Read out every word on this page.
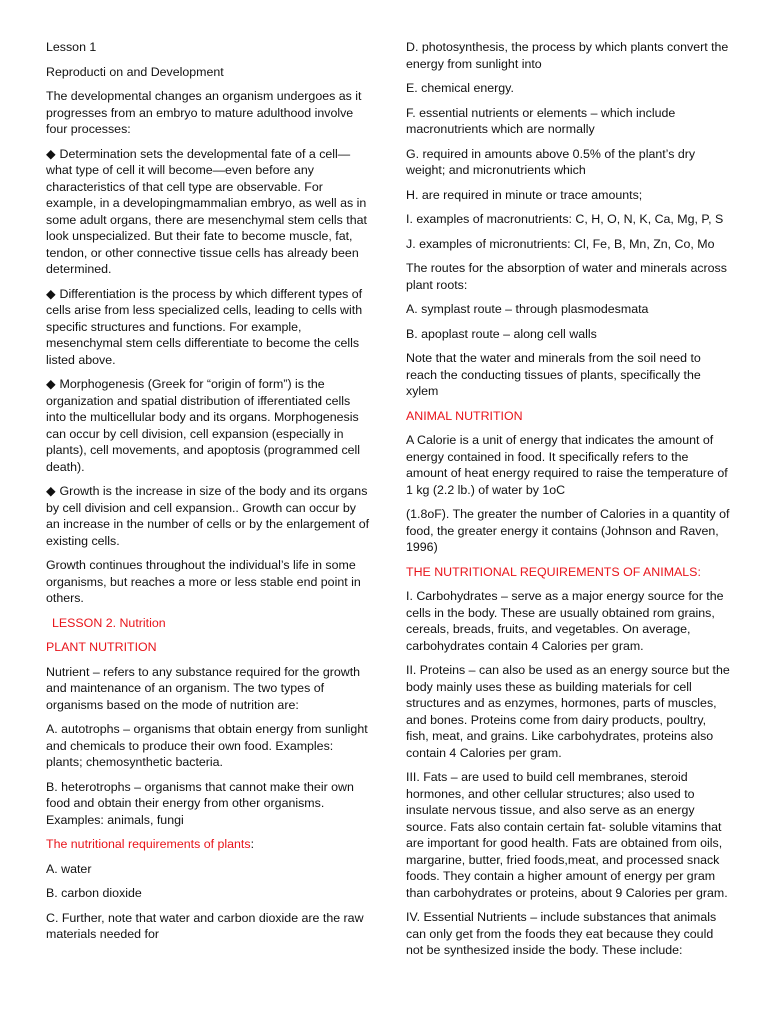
Lesson 1

Reproducti on and Development

The developmental changes an organism undergoes as it progresses from an embryo to mature adulthood involve four processes:

◆ Determination sets the developmental fate of a cell—what type of cell it will become—even before any characteristics of that cell type are observable. For example, in a developingmammalian embryo, as well as in some adult organs, there are mesenchymal stem cells that look unspecialized. But their fate to become muscle, fat, tendon, or other connective tissue cells has already been determined.

◆ Differentiation is the process by which different types of cells arise from less specialized cells, leading to cells with specific structures and functions. For example, mesenchymal stem cells differentiate to become the cells listed above.

◆ Morphogenesis (Greek for “origin of form”) is the organization and spatial distribution of ifferentiated cells into the multicellular body and its organs. Morphogenesis can occur by cell division, cell expansion (especially in plants), cell movements, and apoptosis (programmed cell death).

◆ Growth is the increase in size of the body and its organs by cell division and cell expansion.. Growth can occur by an increase in the number of cells or by the enlargement of existing cells.

Growth continues throughout the individual’s life in some organisms, but reaches a more or less stable end point in others.

LESSON 2. Nutrition

PLANT NUTRITION

Nutrient – refers to any substance required for the growth and maintenance of an organism. The two types of organisms based on the mode of nutrition are:

A. autotrophs – organisms that obtain energy from sunlight and chemicals to produce their own food. Examples: plants; chemosynthetic bacteria.

B. heterotrophs – organisms that cannot make their own food and obtain their energy from other organisms. Examples: animals, fungi

The nutritional requirements of plants:

A. water

B. carbon dioxide

C. Further, note that water and carbon dioxide are the raw materials needed for

D. photosynthesis, the process by which plants convert the energy from sunlight into

E. chemical energy.

F. essential nutrients or elements – which include macronutrients which are normally

G. required in amounts above 0.5% of the plant’s dry weight; and micronutrients which

H. are required in minute or trace amounts;

I. examples of macronutrients: C, H, O, N, K, Ca, Mg, P, S

J. examples of micronutrients: Cl, Fe, B, Mn, Zn, Co, Mo

The routes for the absorption of water and minerals across plant roots:

A. symplast route – through plasmodesmata

B. apoplast route – along cell walls

Note that the water and minerals from the soil need to reach the conducting tissues of plants, specifically the xylem

ANIMAL NUTRITION

A Calorie is a unit of energy that indicates the amount of energy contained in food. It specifically refers to the amount of heat energy required to raise the temperature of 1 kg (2.2 lb.) of water by 1oC

(1.8oF). The greater the number of Calories in a quantity of food, the greater energy it contains (Johnson and Raven, 1996)

THE NUTRITIONAL REQUIREMENTS OF ANIMALS:

I. Carbohydrates – serve as a major energy source for the cells in the body. These are usually obtained rom grains, cereals, breads, fruits, and vegetables. On average, carbohydrates contain 4 Calories per gram.

II. Proteins – can also be used as an energy source but the body mainly uses these as building materials for cell structures and as enzymes, hormones, parts of muscles, and bones. Proteins come from dairy products, poultry, fish, meat, and grains. Like carbohydrates, proteins also contain 4 Calories per gram.

III. Fats – are used to build cell membranes, steroid hormones, and other cellular structures; also used to insulate nervous tissue, and also serve as an energy source. Fats also contain certain fat- soluble vitamins that are important for good health. Fats are obtained from oils, margarine, butter, fried foods,meat, and processed snack foods. They contain a higher amount of energy per gram than carbohydrates or proteins, about 9 Calories per gram.

IV. Essential Nutrients – include substances that animals can only get from the foods they eat because they could not be synthesized inside the body. These include:
